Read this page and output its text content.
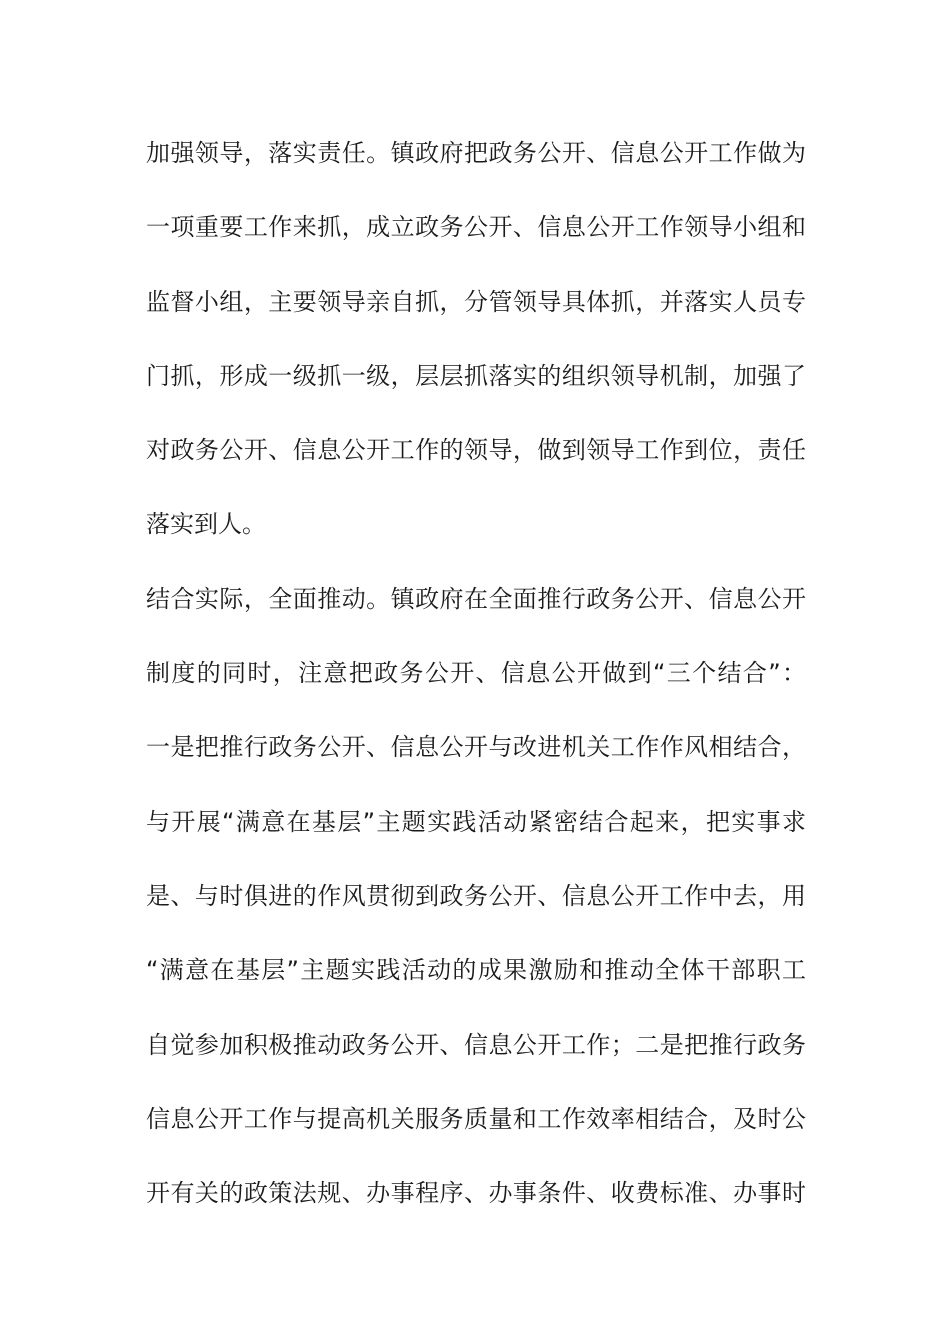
加强领导，落实责任。镇政府把政务公开、信息公开工作做为
一项重要工作来抓，成立政务公开、信息公开工作领导小组和
监督小组，主要领导亲自抓，分管领导具体抓，并落实人员专
门抓，形成一级抓一级，层层抓落实的组织领导机制，加强了
对政务公开、信息公开工作的领导，做到领导工作到位，责任
落实到人。
结合实际，全面推动。镇政府在全面推行政务公开、信息公开
制度的同时，注意把政务公开、信息公开做到“三个结合”：
一是把推行政务公开、信息公开与改进机关工作作风相结合，
与开展“满意在基层”主题实践活动紧密结合起来，把实事求
是、与时俱进的作风贯彻到政务公开、信息公开工作中去，用
“满意在基层”主题实践活动的成果激励和推动全体干部职工
自觉参加积极推动政务公开、信息公开工作；二是把推行政务
信息公开工作与提高机关服务质量和工作效率相结合，及时公
开有关的政策法规、办事程序、办事条件、收费标准、办事时
